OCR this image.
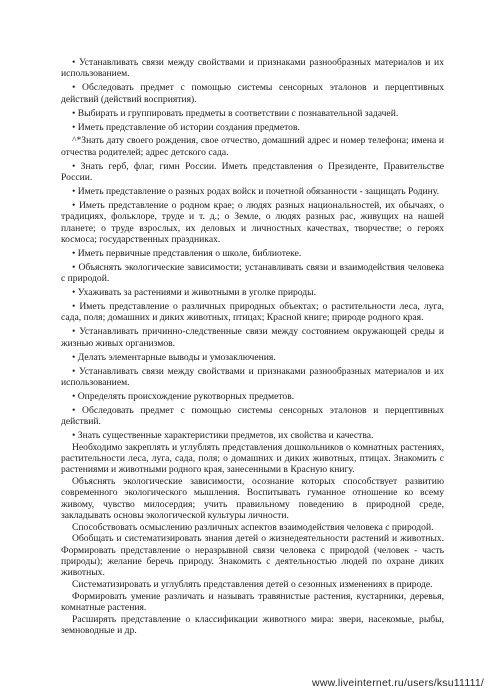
• Устанавливать связи между свойствами и признаками разнообразных материалов и их использованием.

• Обследовать предмет с помощью системы сенсорных эталонов и перцептивных действий (действий восприятия).

• Выбирать и группировать предметы в соответствии с познавательной задачей.

• Иметь представление об истории создания предметов.

^*Знать дату своего рождения, свое отчество, домашний адрес и номер телефона; имена и отчества родителей; адрес детского сада.

• Знать герб, флаг, гимн России. Иметь представления о Президенте, Правительстве России.

• Иметь представление о разных родах войск и почетной обязанности - защищать Родину.

• Иметь представление о родном крае; о людях разных национальностей, их обычаях, о традициях, фольклоре, труде и т. д.; о Земле, о людях разных рас, живущих на нашей планете; о труде взрослых, их деловых и личностных качествах, творчестве; о героях космоса; государственных праздниках.

• Иметь первичные представления о школе, библиотеке.

• Объяснять экологические зависимости; устанавливать связи и взаимодействия человека с природой.

• Ухаживать за растениями и животными в уголке природы.

• Иметь представление о различных природных объектах; о растительности леса, луга, сада, поля; домашних и диких животных, птицах; Красной книге; природе родного края.

• Устанавливать причинно-следственные связи между состоянием окружающей среды и жизнью живых организмов.

• Делать элементарные выводы и умозаключения.

• Устанавливать связи между свойствами и признаками разнообразных материалов и их использованием.

• Определять происхождение рукотворных предметов.

• Обследовать предмет с помощью системы сенсорных эталонов и перцептивных действий.

• Знать существенные характеристики предметов, их свойства и качества.

Необходимо закреплять и углублять представления дошкольников о комнатных растениях, растительности леса, луга, сада, поля; о домашних и диких животных, птицах. Знакомить с растениями и животными родного края, занесенными в Красную книгу.

Объяснять экологические зависимости, осознание которых способствует развитию современного экологического мышления. Воспитывать гуманное отношение ко всему живому, чувство милосердия; учить правильному поведению в природной среде, закладывать основы экологической культуры личности.

Способствовать осмыслению различных аспектов взаимодействия человека с природой.

Обобщать и систематизировать знания детей о жизнедеятельности растений и животных. Формировать представление о неразрывной связи человека с природой (человек - часть природы); желание беречь природу. Знакомить с деятельностью людей по охране диких животных.

Систематизировать и углублять представления детей о сезонных изменениях в природе.

Формировать умение различать и называть травянистые растения, кустарники, деревья, комнатные растения.

Расширять представление о классификации животного мира: звери, насекомые, рыбы, земноводные и др.

www.liveinternet.ru/users/ksu11111/
